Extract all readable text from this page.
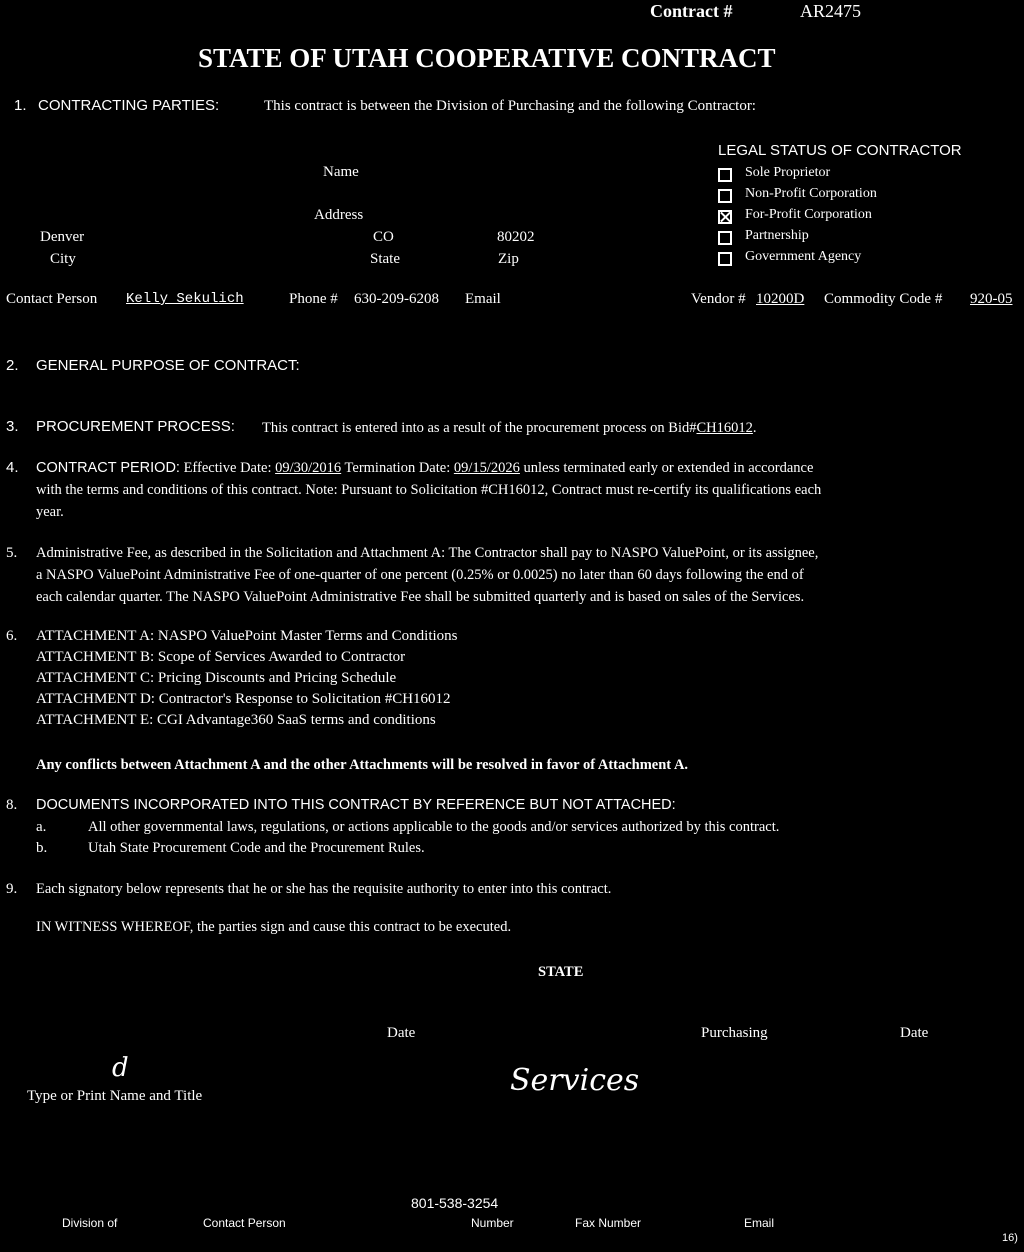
Contract #	AR2475
STATE OF UTAH COOPERATIVE CONTRACT
1. CONTRACTING PARTIES:	This contract is between the Division of Purchasing and the following Contractor:
Name
Address
Denver	CO	80202
City	State	Zip
LEGAL STATUS OF CONTRACTOR
Sole Proprietor
Non-Profit Corporation
For-Profit Corporation
Partnership
Government Agency
Contact Person Kelly Sekulich	Phone # 630-209-6208 Email	Vendor # 10200D Commodity Code # 920-05
2. GENERAL PURPOSE OF CONTRACT:
3. PROCUREMENT PROCESS: This contract is entered into as a result of the procurement process on Bid#CH16012.
4. CONTRACT PERIOD: Effective Date: 09/30/2016 Termination Date: 09/15/2026 unless terminated early or extended in accordance
with the terms and conditions of this contract. Note: Pursuant to Solicitation #CH16012, Contract must re-certify its qualifications each
year.
5. Administrative Fee, as described in the Solicitation and Attachment A: The Contractor shall pay to NASPO ValuePoint, or its assignee,
a NASPO ValuePoint Administrative Fee of one-quarter of one percent (0.25% or 0.0025) no later than 60 days following the end of
each calendar quarter. The NASPO ValuePoint Administrative Fee shall be submitted quarterly and is based on sales of the Services.
6. ATTACHMENT A: NASPO ValuePoint Master Terms and Conditions
ATTACHMENT B: Scope of Services Awarded to Contractor
ATTACHMENT C: Pricing Discounts and Pricing Schedule
ATTACHMENT D: Contractor's Response to Solicitation #CH16012
ATTACHMENT E: CGI Advantage360 SaaS terms and conditions
Any conflicts between Attachment A and the other Attachments will be resolved in favor of Attachment A.
8. DOCUMENTS INCORPORATED INTO THIS CONTRACT BY REFERENCE BUT NOT ATTACHED:
a.	All other governmental laws, regulations, or actions applicable to the goods and/or services authorized by this contract.
b.	Utah State Procurement Code and the Procurement Rules.
9. Each signatory below represents that he or she has the requisite authority to enter into this contract.
IN WITNESS WHEREOF, the parties sign and cause this contract to be executed.
STATE
Date	Purchasing	Date
d
Type or Print Name and Title	Services
801-538-3254
Division of	Contact Person	Number	Fax Number	Email
16)
